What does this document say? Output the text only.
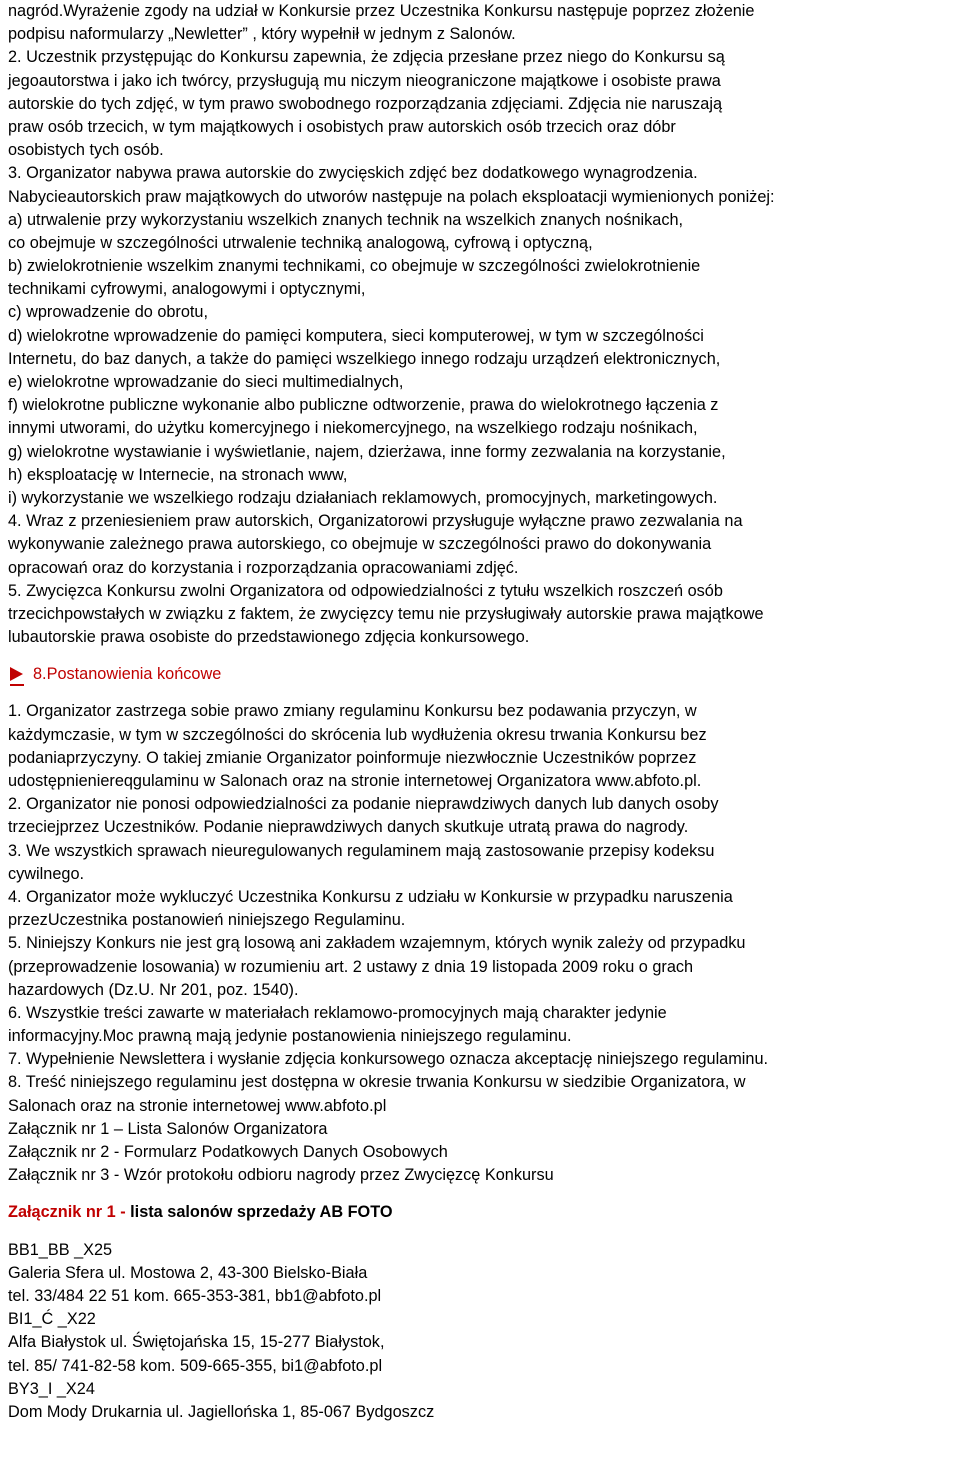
nagród.Wyrażenie zgody na udział w Konkursie przez Uczestnika Konkursu następuje poprzez złożenie
podpisu naformularzy „Newletter” , który wypełnił w jednym z Salonów.
2. Uczestnik przystępując do Konkursu zapewnia, że zdjęcia przesłane przez niego do Konkursu są
jegoautorstwa i jako ich twórcy, przysługują mu niczym nieograniczone majątkowe i osobiste prawa
autorskie do tych zdjęć, w tym prawo swobodnego rozporządzania zdjęciami. Zdjęcia nie naruszają
praw osób trzecich, w tym majątkowych i osobistych praw autorskich osób trzecich oraz dóbr
osobistych tych osób.
3. Organizator nabywa prawa autorskie do zwycięskich zdjęć bez dodatkowego wynagrodzenia.
Nabycieautorskich praw majątkowych do utworów następuje na polach eksploatacji wymienionych poniżej:
a) utrwalenie przy wykorzystaniu wszelkich znanych technik na wszelkich znanych nośnikach,
co obejmuje w szczególności utrwalenie techniką analogową, cyfrową i optyczną,
b) zwielokrotnienie wszelkim znanymi technikami, co obejmuje w szczególności zwielokrotnienie
technikami cyfrowymi, analogowymi i optycznymi,
c) wprowadzenie do obrotu,
d) wielokrotne wprowadzenie do pamięci komputera, sieci komputerowej, w tym w szczególności
Internetu, do baz danych, a także do pamięci wszelkiego innego rodzaju urządzeń elektronicznych,
e) wielokrotne wprowadzanie do sieci multimedialnych,
f) wielokrotne publiczne wykonanie albo publiczne odtworzenie, prawa do wielokrotnego łączenia z
innymi utworami, do użytku komercyjnego i niekomercyjnego, na wszelkiego rodzaju nośnikach,
g) wielokrotne wystawianie i wyświetlanie, najem, dzierżawa, inne formy zezwalania na korzystanie,
h) eksploatację w Internecie, na stronach www,
i) wykorzystanie we wszelkiego rodzaju działaniach reklamowych, promocyjnych, marketingowych.
4. Wraz z przeniesieniem praw autorskich, Organizatorowi przysługuje wyłączne prawo zezwalania na
wykonywanie zależnego prawa autorskiego, co obejmuje w szczególności prawo do dokonywania
opracowań oraz do korzystania i rozporządzania opracowaniami zdjęć.
5. Zwycięzca Konkursu zwolni Organizatora od odpowiedzialności z tytułu wszelkich roszczeń osób
trzecichpowstałych w związku z faktem, że zwycięzcy temu nie przysługiwały autorskie prawa majątkowe
lubautorskie prawa osobiste do przedstawionego zdjęcia konkursowego.
8.Postanowienia końcowe
1. Organizator zastrzega sobie prawo zmiany regulaminu Konkursu bez podawania przyczyn, w
każdymczasie, w tym w szczególności do skrócenia lub wydłużenia okresu trwania Konkursu bez
podaniaprzyczyny. O takiej zmianie Organizator poinformuje niezwłocznie Uczestników poprzez
udostępnieniereqgulaminu w Salonach oraz na stronie internetowej Organizatora www.abfoto.pl.
2. Organizator nie ponosi odpowiedzialności za podanie nieprawdziwych danych lub danych osoby
trzeciejprzez Uczestników. Podanie nieprawdziwych danych skutkuje utratą prawa do nagrody.
3. We wszystkich sprawach nieuregulowanych regulaminem mają zastosowanie przepisy kodeksu
cywilnego.
4. Organizator może wykluczyć Uczestnika Konkursu z udziału w Konkursie w przypadku naruszenia
przezUczestnika postanowień niniejszego Regulaminu.
5. Niniejszy Konkurs nie jest grą losową ani zakładem wzajemnym, których wynik zależy od przypadku
(przeprowadzenie losowania) w rozumieniu art. 2 ustawy z dnia 19 listopada 2009 roku o grach
hazardowych (Dz.U. Nr 201, poz. 1540).
6. Wszystkie treści zawarte w materiałach reklamowo-promocyjnych mają charakter jedynie
informacyjny.Moc prawną mają jedynie postanowienia niniejszego regulaminu.
7. Wypełnienie Newslettera i wysłanie zdjęcia konkursowego oznacza akceptację niniejszego regulaminu.
8. Treść niniejszego regulaminu jest dostępna w okresie trwania Konkursu w siedzibie Organizatora, w
Salonach oraz na stronie internetowej www.abfoto.pl
Załącznik nr 1 – Lista Salonów Organizatora
Załącznik nr 2 - Formularz Podatkowych Danych Osobowych
Załącznik nr 3 - Wzór protokołu odbioru nagrody przez Zwycięzcę Konkursu
Załącznik nr 1 - lista salonów sprzedaży AB FOTO
BB1_BB _X25
Galeria Sfera ul. Mostowa 2, 43-300 Bielsko-Biała
tel. 33/484 22 51 kom. 665-353-381, bb1@abfoto.pl
BI1_Ć _X22
Alfa Białystok ul. Świętojańska 15, 15-277 Białystok,
tel. 85/ 741-82-58 kom. 509-665-355, bi1@abfoto.pl
BY3_I _X24
Dom Mody Drukarnia ul. Jagiellońska 1, 85-067 Bydgoszcz
